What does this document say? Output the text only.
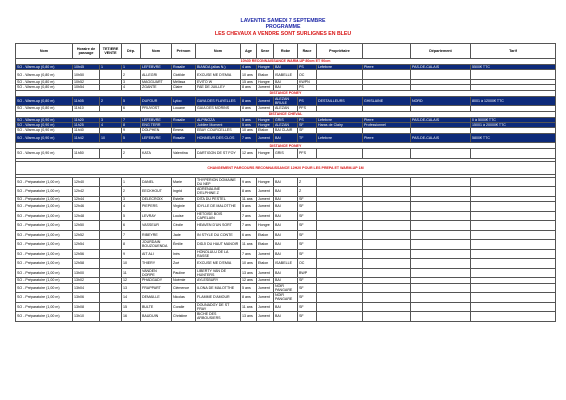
LAVENTIE SAMEDI 7 SEPTEMBRE
PROGRAMME
LES CHEVAUX A VENDRE SONT SURLIGNES EN BLEU
Nom	Horaire de passage	TETIERE VENTE	Dép.	Nom	Prénom	Nom	Age	Sexe	Robe	Race	Propriétaire		Département	Tarif
10h30 RECONNAISSANCE WARM-UP 80cm ET 90cm														
SO - Warm-up (0,80 m)	10h45	1	1	LEFEBVRE	Rosalie	BIANDA (alias N.)	4 ans	Hongre	BAI	PS	Lefebvre	Pierre	PAS-DE-CALAIS	5500€ TTC
SO - Warm-up (0,80 m)	10h50		2	ALLEGRI	Clotilde	EXCUSE ME D'EMIA	10 ans	Etalon	ISABELLE	OC				
SO - Warm-up (0,80 m)	10h52		3	MAGGUART	Mélissa	EVITO W	15 ans	Hongre	BAI	KWPN				
SO - Warm-up (0,80 m)	10h54		4	ZGANTE	Claire	FAE DE JUILLEY	8 ans	Jument	BAI	PS				
DISTANCE PONEY														
SO - Warm-up (0,80 m)	11h05	2	5	DUFOUR	Lyloo	GAYA DES FLAYELLES	8 ans	Jument	ALEZAN BRULE	PS	DESTAILLEURS	GHISLAINE	NORD	8001 à 12000€ TTC
SO - Warm-up (0,80 m)	11h10		6	PRUVOST	Louane	GAIA DES MORINS	8 ans	Jument	ALEZAN	PFS				
DISTANCE CHEVAL														
SO - Warm-up (0,90 m)	11h20	3	7	LEFEBVRE	Rosalie	ALPINOZA	5 ans	Hongre	GRIS	PS	Lefebvre	Pierre	PAS-DE-CALAIS	0 à 5000€ TTC
SO - Warm-up (0,90 m)	11h25	4	8	ENG TERR		Jubilee Moment	5 ans	Hongre	ALEZAN	SF	Haras de Clairy	Professionnel		15001 à 20000€ TTC
SO - Warm-up (0,90 m)	11h40		9	DOLPHEN	Emma	EBAY COURCELLES	10 ans	Etalon	BAI CLAIR	SF				
SO - Warm-up (0,90 m)	11h42	10	5	LEFEBVRE	Rosalie	HONNEUR DES CLOS	7 ans	Jument	BAI	TF	Lefebvre	Pierre	PAS-DE-CALAIS	5800€ TTC
DISTANCE PONEY														
SO - Warm-up (0,90 m)	11h50		2	KATA	Valentina	DARTIGON DE ST FOY	12 ans	Hongre	GRIS	PFS				

CHANGEMENT PARCOURS RECONNAISSANCE 12H20 POUR LES PREPA ET WARM-UP 1M														

SO - Préparatoire (1,00 m)	12h40		1	DANEL	Marie	THYPERION DOMAINE DU NEP	9 ans	Hongre	BAI	Z				
SO - Préparatoire (1,00 m)	12h42		2	EECKHOUT	Ingrid	ADRENALINE D'ELPHINE Z	8 ans	Jument	BAI	Z				
SO - Préparatoire (1,00 m)	12h44		3	DELECROIX	Estelle	DITA DU PESTEL	11 ans	Jument	BAI	SF				
SO - Préparatoire (1,00 m)	12h46		4	PIEPERS	Virginie	IDYLLE DE MALOTTHE	5 ans	Jument	BAI	SF				
SO - Préparatoire (1,00 m)	12h48		5	LEVRAY	Louise	HETOISE BOIS CAPELAIN	7 ans	Jument	BAI	SF				
SO - Préparatoire (1,00 m)	12h50		6	VASSEUR	Cécile	HEAVEN D'UN SORT	7 ans	Hongre	BAI	SF				
SO - Préparatoire (1,00 m)	12h52		7	RIBEYRE	Jade	IN STYLE DU CONTE	6 ans	Etalon	BAI	SF				
SO - Préparatoire (1,00 m)	12h54		8	JOURDAIN BOUZOUENDA	Émilie	DIDJI DU HAUT MANOIR	11 ans	Etalon	BAI	SF				
SO - Préparatoire (1,00 m)	12h56		9	AIT ALI	Inès	HONOLULU DE LA RASSE	7 ans	Jument	BAI	SF				
SO - Préparatoire (1,00 m)	12h58		10	THIERY	Zoé	EXCUSE ME D'EMIA	10 ans	Etalon	ISABELLE	OC				
SO - Préparatoire (1,00 m)	13h00		11	VANDEN DORPE	Pauline	LIBERTY VAN DE HUNTERS	13 ans	Jument	BAI	BWP				
SO - Préparatoire (1,00 m)	13h02		12	PHADGADY	Noémie	AYLESBURY	12 ans	Jument	BAI	SF				
SO - Préparatoire (1,00 m)	13h04		13	FRAPPART	Clémence	ILONA DE MALOTTHE	5 ans	Jument	NOIR PANGARE	SF				
SO - Préparatoire (1,00 m)	13h06		14	DEMAILLE	Nicolas	FLAMME D'AMOUR	8 ans	Jument	NOIR PANGARE	SF				
SO - Préparatoire (1,00 m)	13h08		15	BULTE	Coralie	DOUNADGY DE ST FRAY	11 ans	Jument	BAI	SF				
SO - Préparatoire (1,00 m)	13h10		16	BAUDUIN	Christine	BICHE DES ARBOUSIERS	13 ans	Jument	BAI	SF				
